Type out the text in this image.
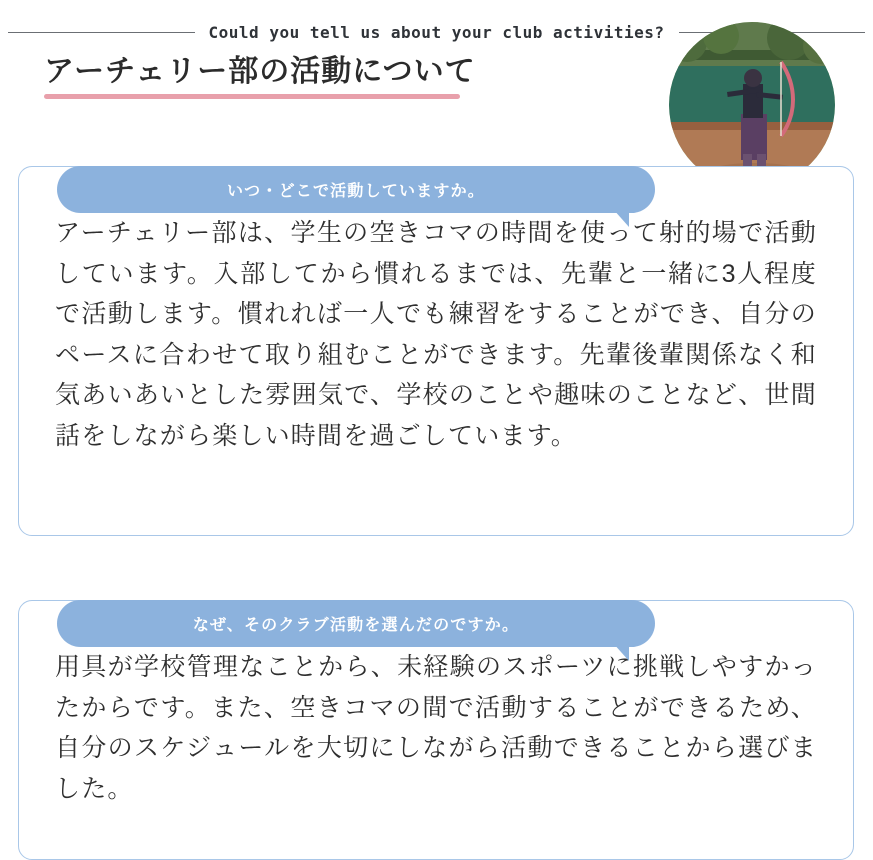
Could you tell us about your club activities?
アーチェリー部の活動について
いつ・どこで活動していますか。

アーチェリー部は、学生の空きコマの時間を使って射的場で活動しています。入部してから慣れるまでは、先輩と一緒に3人程度で活動します。慣れれば一人でも練習をすることができ、自分のペースに合わせて取り組むことができます。先輩後輩関係なく和気あいあいとした雰囲気で、学校のことや趣味のことなど、世間話をしながら楽しい時間を過ごしています。

なぜ、そのクラブ活動を選んだのですか。

用具が学校管理なことから、未経験のスポーツに挑戦しやすかったからです。また、空きコマの間で活動することができるため、自分のスケジュールを大切にしながら活動できることから選びました。
